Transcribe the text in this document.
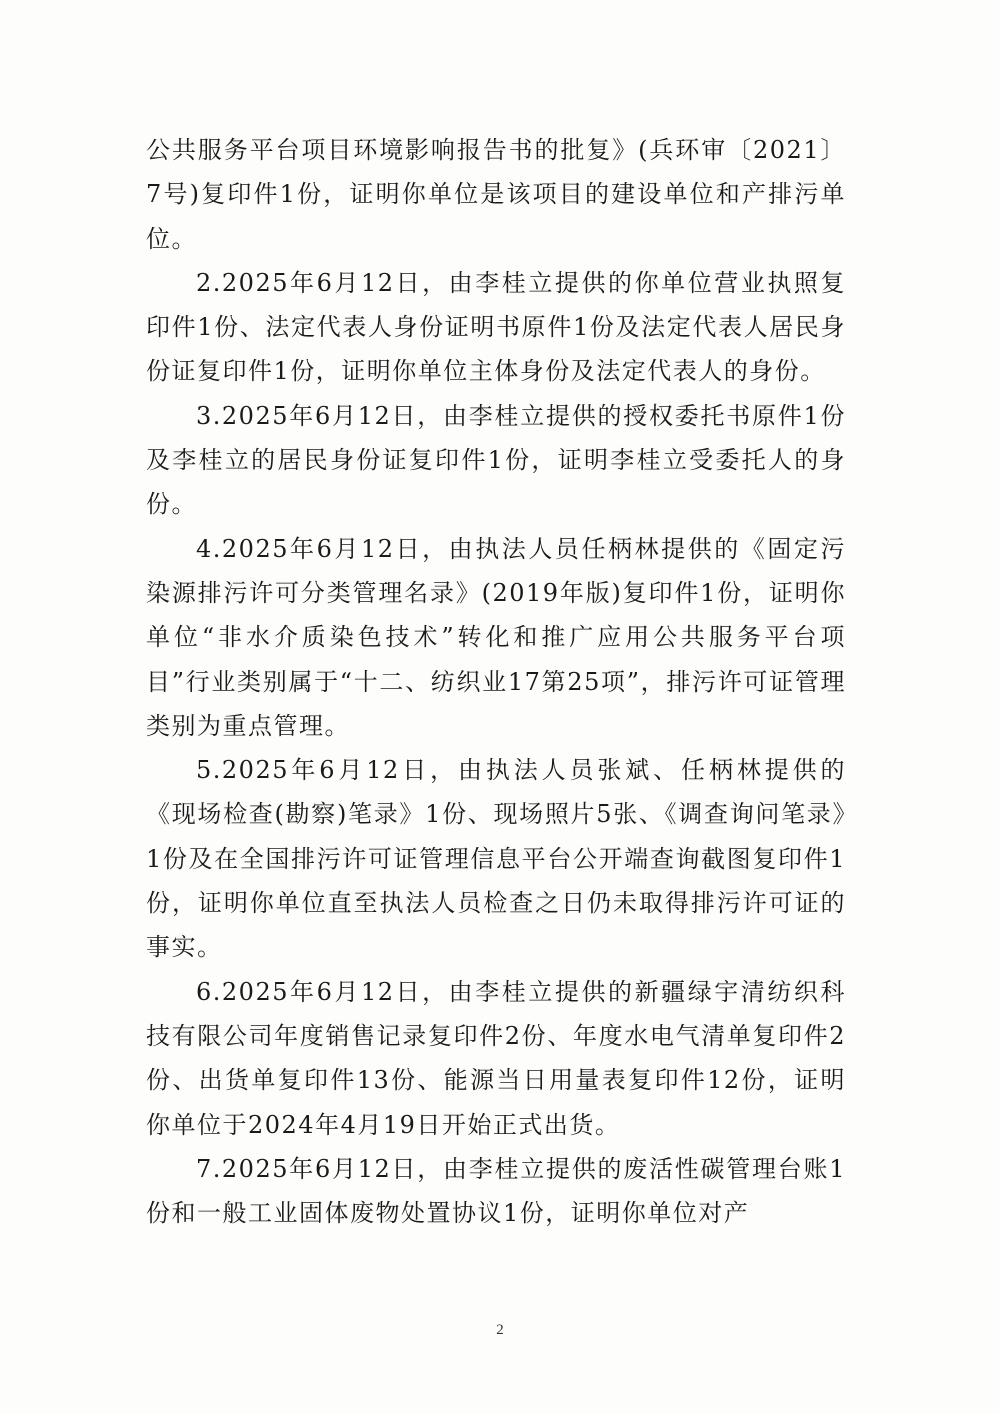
公共服务平台项目环境影响报告书的批复》(兵环审〔2021〕7号)复印件1份，证明你单位是该项目的建设单位和产排污单位。

2.2025年6月12日，由李桂立提供的你单位营业执照复印件1份、法定代表人身份证明书原件1份及法定代表人居民身份证复印件1份，证明你单位主体身份及法定代表人的身份。

3.2025年6月12日，由李桂立提供的授权委托书原件1份及李桂立的居民身份证复印件1份，证明李桂立受委托人的身份。

4.2025年6月12日，由执法人员任柄林提供的《固定污染源排污许可分类管理名录》(2019年版)复印件1份，证明你单位“非水介质染色技术”转化和推广应用公共服务平台项目”行业类别属于“十二、纺织业17第25项”，排污许可证管理类别为重点管理。

5.2025年6月12日，由执法人员张斌、任柄林提供的《现场检查(勘察)笔录》1份、现场照片5张、《调查询问笔录》1份及在全国排污许可证管理信息平台公开端查询截图复印件1份，证明你单位直至执法人员检查之日仍未取得排污许可证的事实。

6.2025年6月12日，由李桂立提供的新疆绿宇清纺织科技有限公司年度销售记录复印件2份、年度水电气清单复印件2份、出货单复印件13份、能源当日用量表复印件12份，证明你单位于2024年4月19日开始正式出货。

7.2025年6月12日，由李桂立提供的废活性碳管理台账1份和一般工业固体废物处置协议1份，证明你单位对产

2
